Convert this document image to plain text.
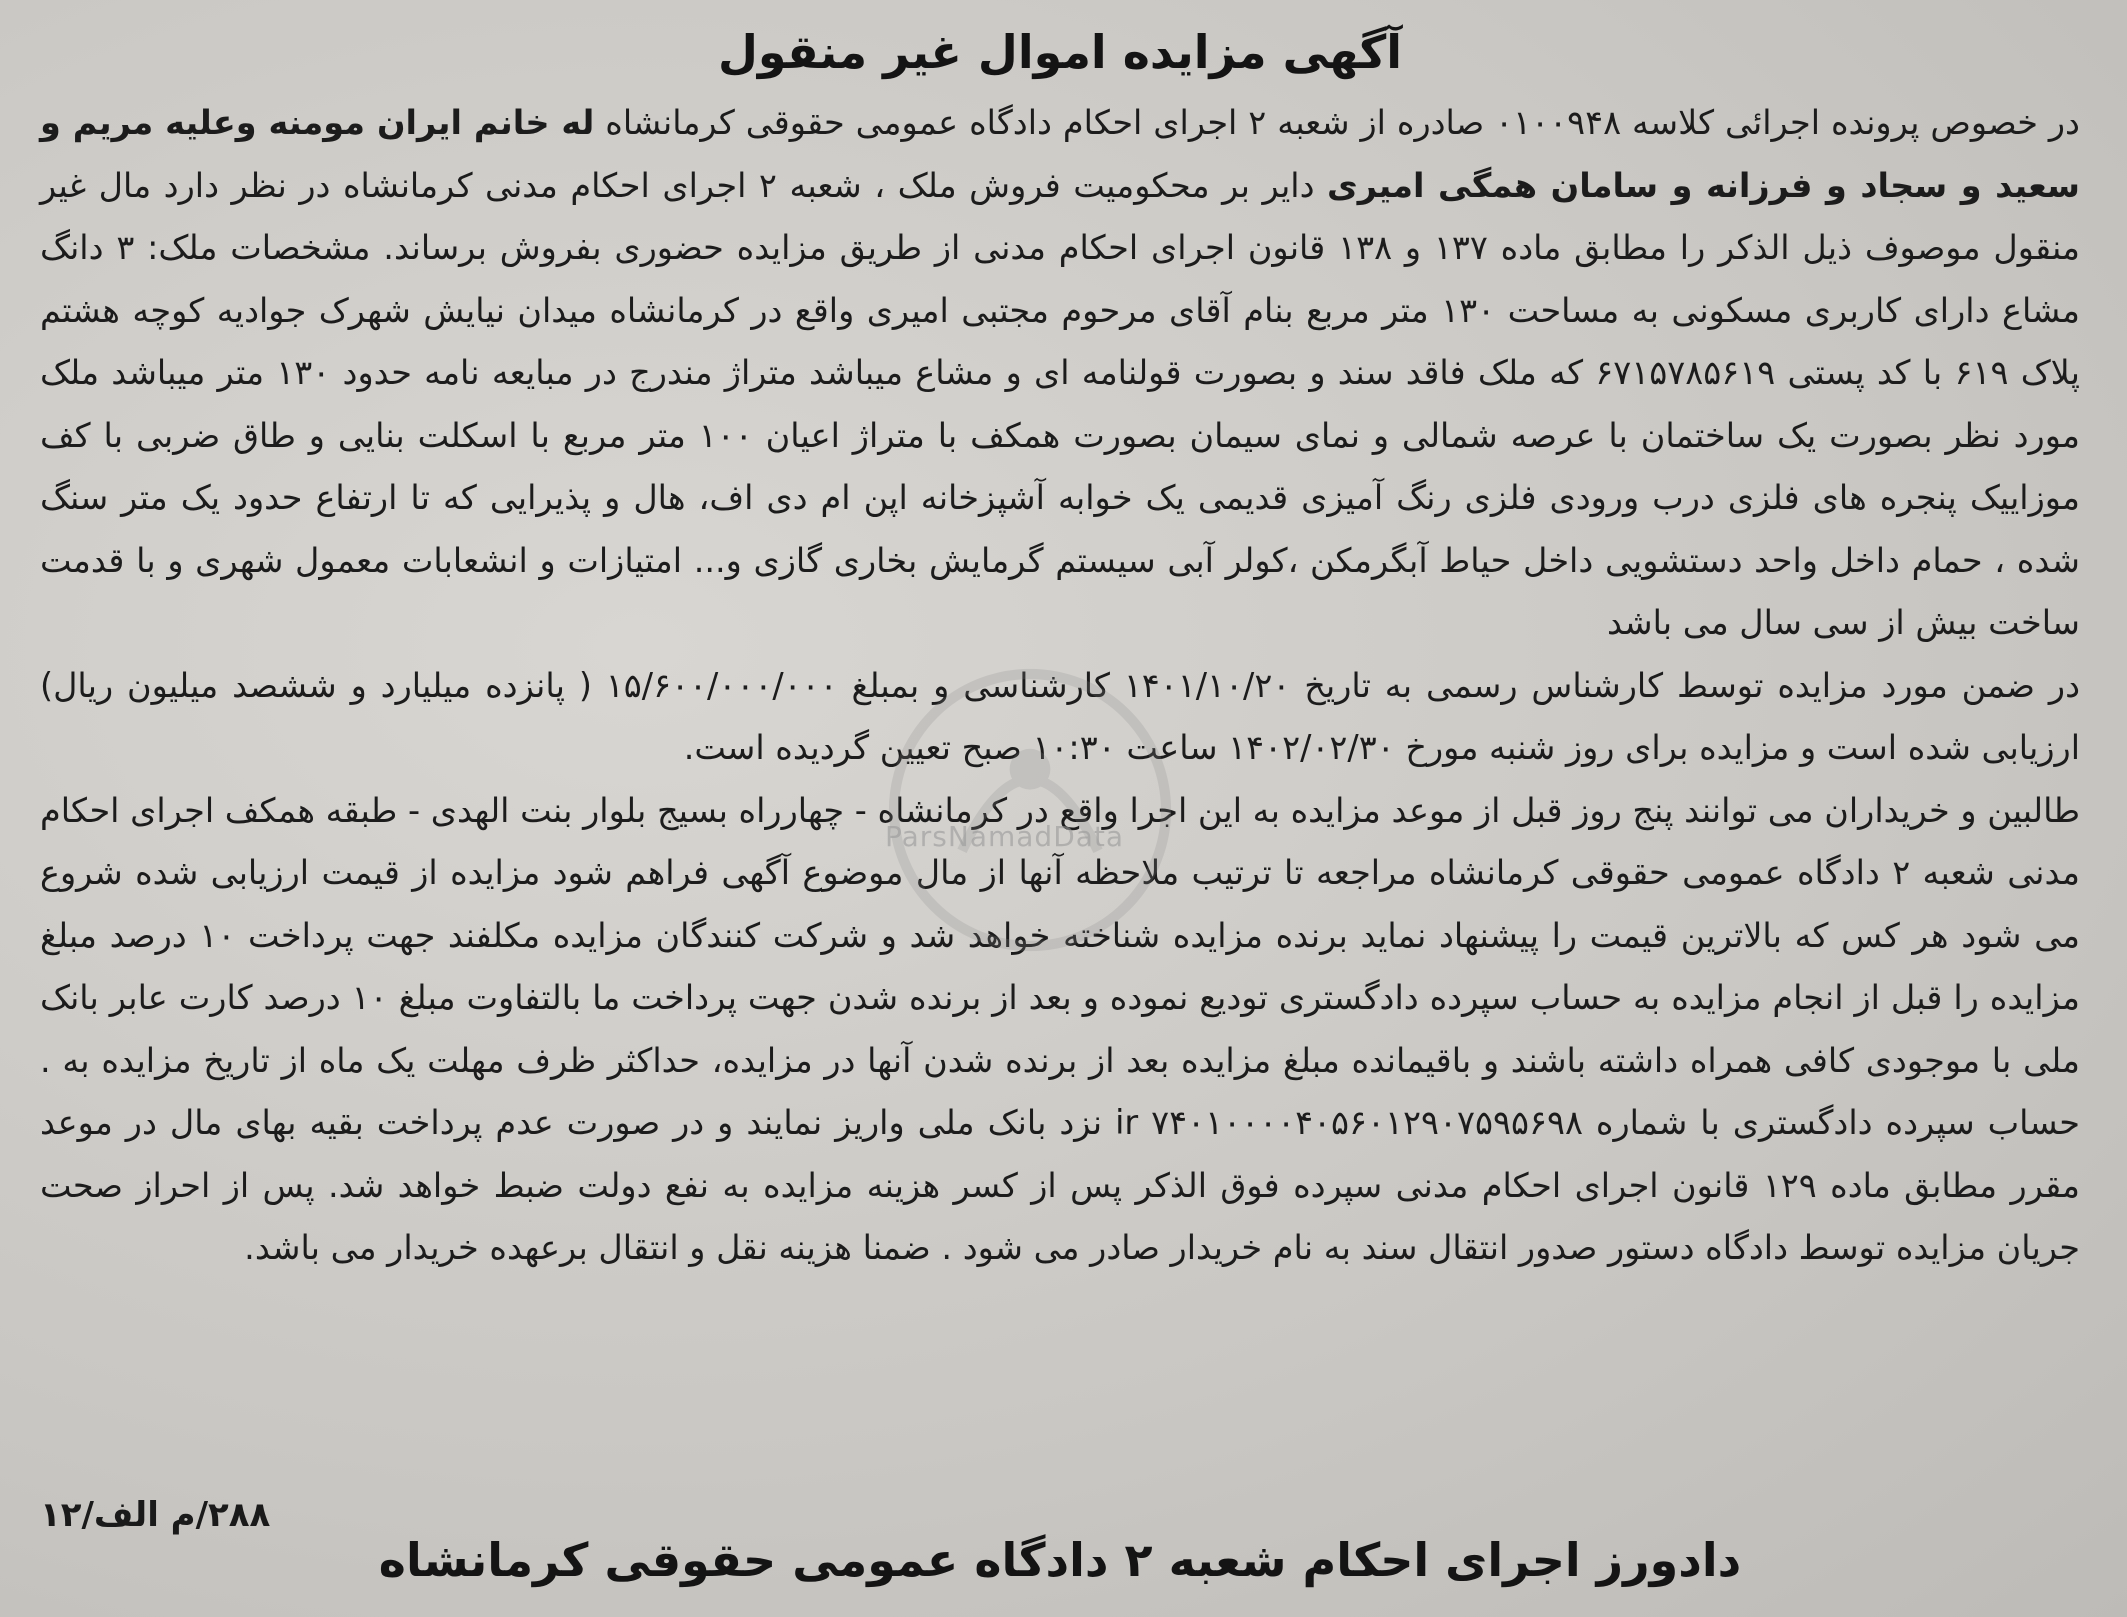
آگهی مزایده اموال غیر منقول

در خصوص پرونده اجرائی کلاسه ۰۱۰۰۹۴۸ صادره از شعبه ۲ اجرای احکام دادگاه عمومی حقوقی کرمانشاه له خانم ایران مومنه وعلیه مریم و سعید و سجاد و فرزانه و سامان همگی امیری دایر بر محکومیت فروش ملک ، شعبه ۲ اجرای احکام مدنی کرمانشاه در نظر دارد مال غیر منقول موصوف ذیل الذکر را مطابق ماده ۱۳۷ و ۱۳۸ قانون اجرای احکام مدنی از طریق مزایده حضوری بفروش برساند. مشخصات ملک: ۳ دانگ مشاع دارای کاربری مسکونی به مساحت ۱۳۰ متر مربع بنام آقای مرحوم مجتبی امیری واقع در کرمانشاه میدان نیایش شهرک جوادیه کوچه هشتم پلاک ۶۱۹ با کد پستی ۶۷۱۵۷۸۵۶۱۹ که ملک فاقد سند و بصورت قولنامه ای و مشاع میباشد متراژ مندرج در مبایعه نامه حدود ۱۳۰ متر میباشد ملک مورد نظر بصورت یک ساختمان با عرصه شمالی و نمای سیمان بصورت همکف با متراژ اعیان ۱۰۰ متر مربع با اسکلت بنایی و طاق ضربی با کف موزاییک پنجره های فلزی درب ورودی فلزی رنگ آمیزی قدیمی یک خوابه آشپزخانه اپن ام دی اف، هال و پذیرایی که تا ارتفاع حدود یک متر سنگ شده ، حمام داخل واحد دستشویی داخل حیاط آبگرمکن ،کولر آبی سیستم گرمایش بخاری گازی و... امتیازات و انشعابات معمول شهری و با قدمت ساخت بیش از سی سال می باشد

در ضمن مورد مزایده توسط کارشناس رسمی به تاریخ ۱۴۰۱/۱۰/۲۰ کارشناسی و بمبلغ ۱۵/۶۰۰/۰۰۰/۰۰۰ ( پانزده میلیارد و ششصد میلیون ریال) ارزیابی شده است و مزایده برای روز شنبه مورخ ۱۴۰۲/۰۲/۳۰ ساعت ۱۰:۳۰ صبح تعیین گردیده است.

طالبین و خریداران می توانند پنج روز قبل از موعد مزایده به این اجرا واقع در کرمانشاه - چهارراه بسیج بلوار بنت الهدی - طبقه همکف اجرای احکام مدنی شعبه ۲ دادگاه عمومی حقوقی کرمانشاه مراجعه تا ترتیب ملاحظه آنها از مال موضوع آگهی فراهم شود مزایده از قیمت ارزیابی شده شروع می شود هر کس که بالاترین قیمت را پیشنهاد نماید برنده مزایده شناخته خواهد شد و شرکت کنندگان مزایده مکلفند جهت پرداخت ۱۰ درصد مبلغ مزایده را قبل از انجام مزایده به حساب سپرده دادگستری تودیع نموده و بعد از برنده شدن جهت پرداخت ما بالتفاوت مبلغ ۱۰ درصد کارت عابر بانک ملی با موجودی کافی همراه داشته باشند و باقیمانده مبلغ مزایده بعد از برنده شدن آنها در مزایده، حداکثر ظرف مهلت یک ماه از تاریخ مزایده به . حساب سپرده دادگستری با شماره ir ۷۴۰۱۰۰۰۰۴۰۵۶۰۱۲۹۰۷۵۹۵۶۹۸ نزد بانک ملی واریز نمایند و در صورت عدم پرداخت بقیه بهای مال در موعد مقرر مطابق ماده ۱۲۹ قانون اجرای احکام مدنی سپرده فوق الذکر پس از کسر هزینه مزایده به نفع دولت ضبط خواهد شد. پس از احراز صحت جریان مزایده توسط دادگاه دستور صدور انتقال سند به نام خریدار صادر می شود . ضمنا هزینه نقل و انتقال برعهده خریدار می باشد.

۲۸۸/م الف/۱۲
دادورز اجرای احکام شعبه ۲ دادگاه عمومی حقوقی کرمانشاه
ParsNamadData
